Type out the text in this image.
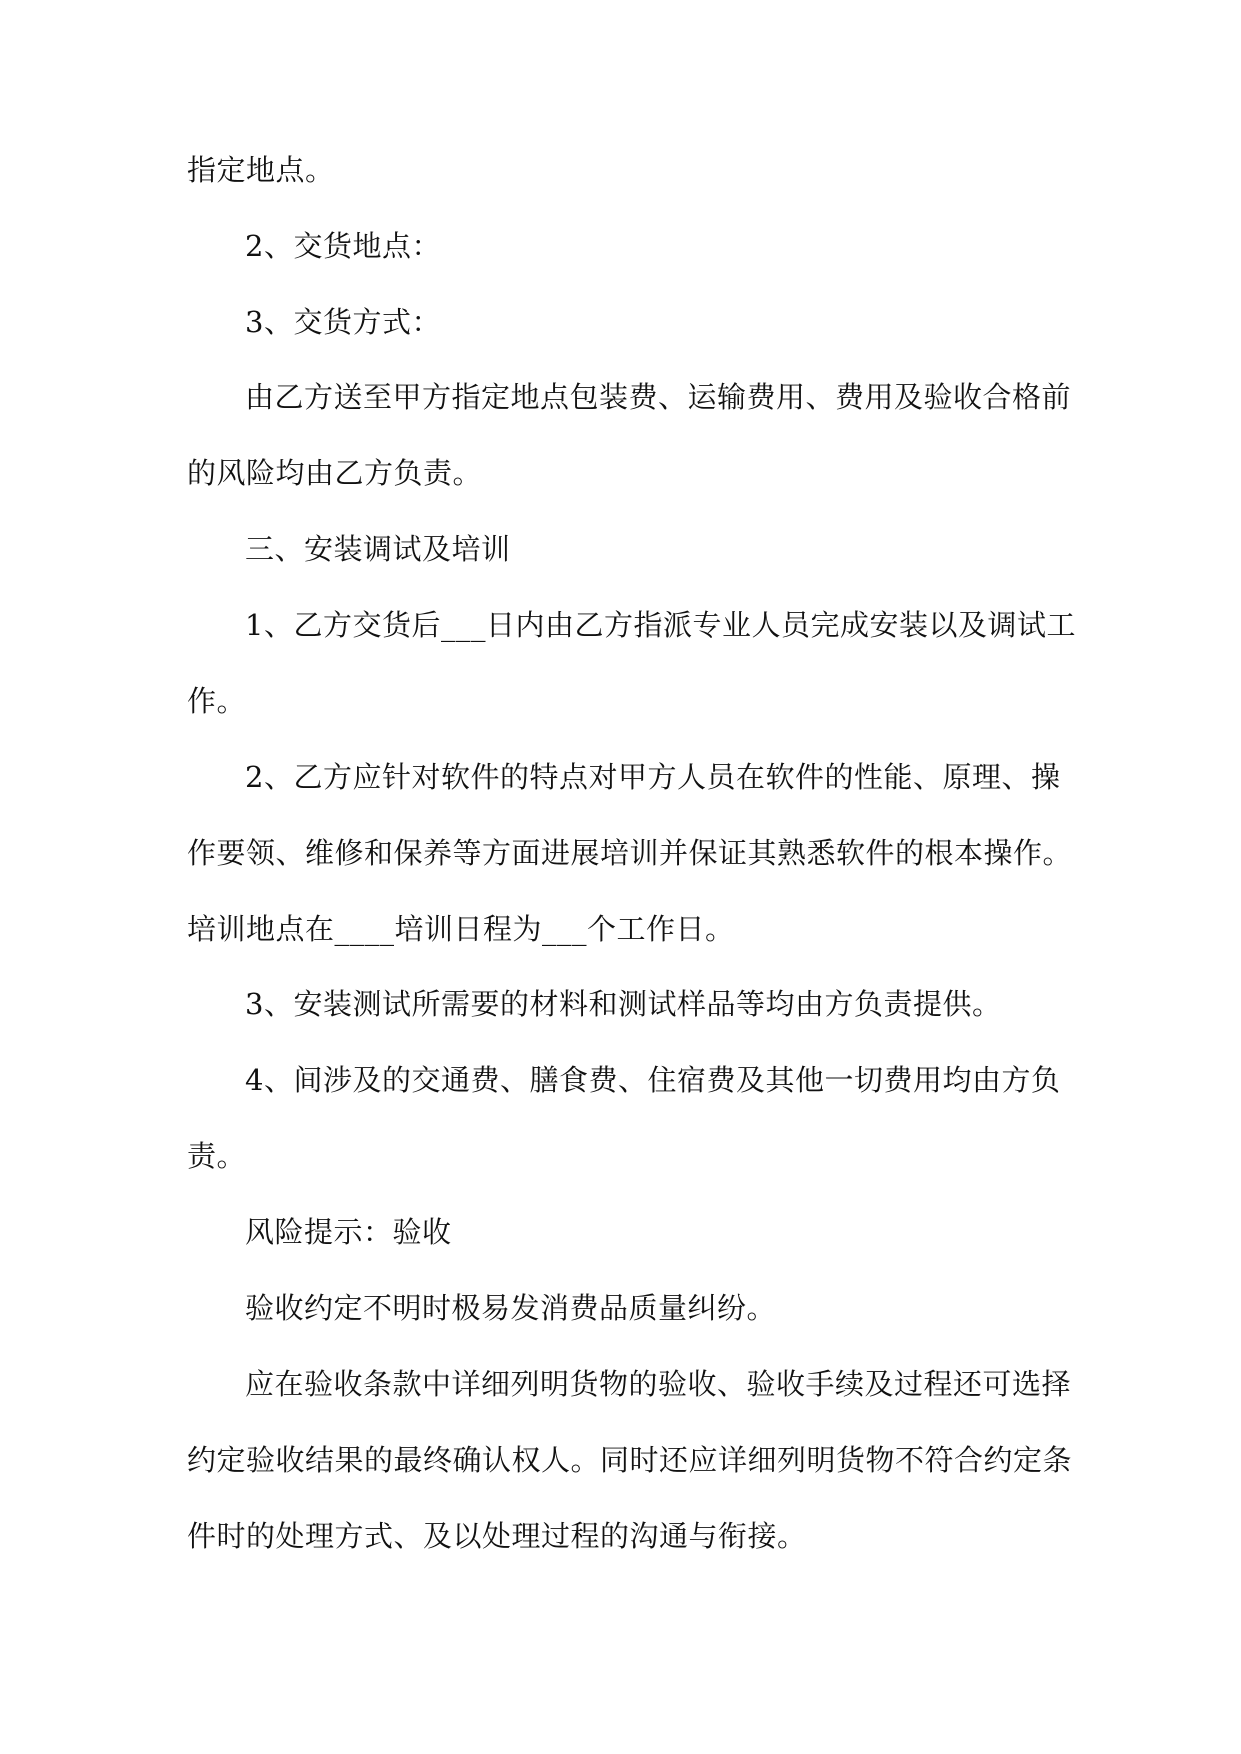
指定地点。
2、交货地点：
3、交货方式：
由乙方送至甲方指定地点包装费、运输费用、费用及验收合格前
的风险均由乙方负责。
三、安装调试及培训
1、乙方交货后___日内由乙方指派专业人员完成安装以及调试工
作。
2、乙方应针对软件的特点对甲方人员在软件的性能、原理、操
作要领、维修和保养等方面进展培训并保证其熟悉软件的根本操作。
培训地点在____培训日程为___个工作日。
3、安装测试所需要的材料和测试样品等均由方负责提供。
4、间涉及的交通费、膳食费、住宿费及其他一切费用均由方负
责。
风险提示：验收
验收约定不明时极易发消费品质量纠纷。
应在验收条款中详细列明货物的验收、验收手续及过程还可选择
约定验收结果的最终确认权人。同时还应详细列明货物不符合约定条
件时的处理方式、及以处理过程的沟通与衔接。
